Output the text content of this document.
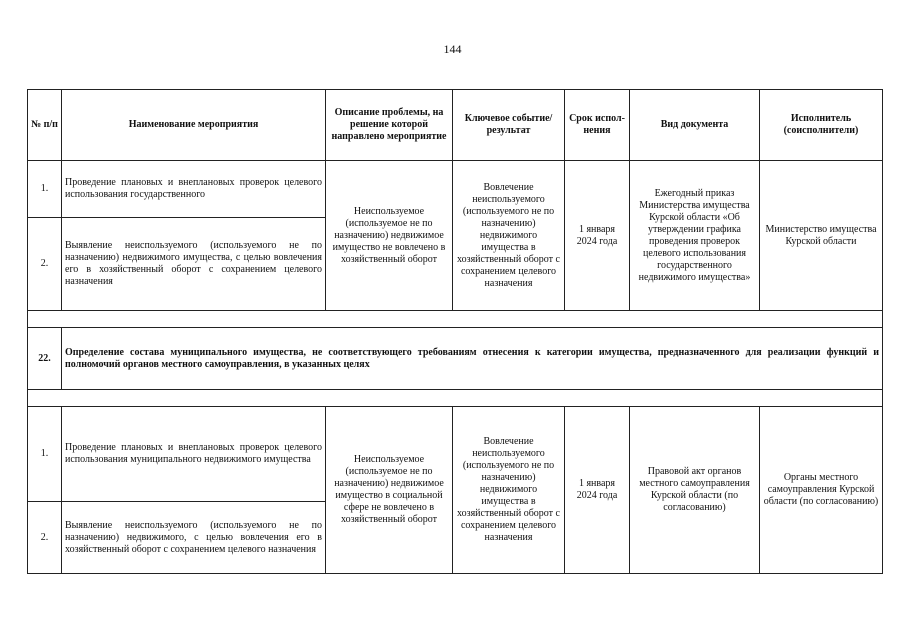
144
№ п/п	Наименование мероприятия	Описание проблемы, на решение которой направлено мероприятие	Ключевое событие/ результат	Срок испол-нения	Вид документа	Исполнитель (соисполнители)
1.	Проведение плановых и внеплановых проверок целевого использования государственного	Неиспользуемое (используемое не по назначению) недвижимое имущество не вовлечено в хозяйственный оборот	Вовлечение неиспользуемого (используемого не по назначению) недвижимого имущества в хозяйственный оборот с сохранением целевого назначения	1 января 2024 года	Ежегодный приказ Министерства имущества Курской области «Об утверждении графика проведения проверок целевого использования государственного недвижимого имущества»	Министерство имущества Курской области
2.	Выявление неиспользуемого (используемого не по назначению) недвижимого имущества, с целью вовлечения его в хозяйственный оборот с сохранением целевого назначения					

22.	Определение состава муниципального имущества, не соответствующего требованиям отнесения к категории имущества, предназначенного для реализации функций и полномочий органов местного самоуправления, в указанных целях					

1.	Проведение плановых и внеплановых проверок целевого использования муниципального недвижимого имущества	Неиспользуемое (используемое не по назначению) недвижимое имущество в социальной сфере не вовлечено в хозяйственный оборот	Вовлечение неиспользуемого (используемого не по назначению) недвижимого имущества в хозяйственный оборот с сохранением целевого назначения	1 января 2024 года	Правовой акт органов местного самоуправления Курской области (по согласованию)	Органы местного самоуправления Курской области (по согласованию)
2.	Выявление неиспользуемого (используемого не по назначению) недвижимого, с целью вовлечения его в хозяйственный оборот с сохранением целевого назначения					
